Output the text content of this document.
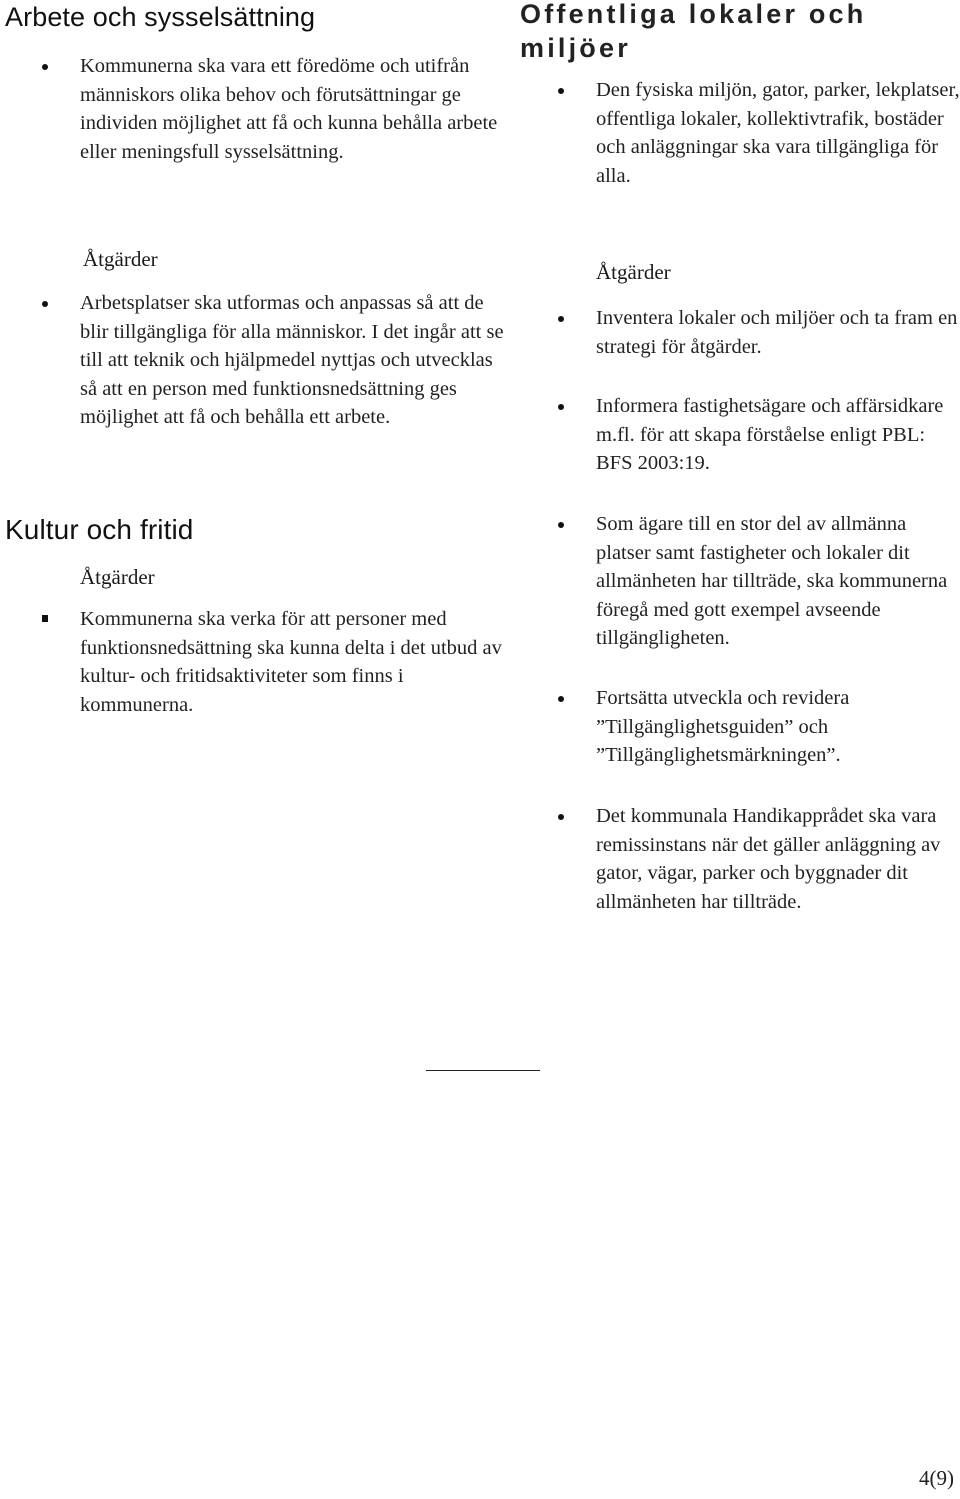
Arbete och sysselsättning
Kommunerna ska vara ett föredöme och utifrån människors olika behov och förutsättningar ge individen möjlighet att få och kunna behålla arbete eller meningsfull sysselsättning.

Åtgärder

Arbetsplatser ska utformas och anpassas så att de blir tillgängliga för alla människor. I det ingår att se till att teknik och hjälpmedel nyttjas och utvecklas så att en person med funktionsnedsättning ges möjlighet att få och behålla ett arbete.
Kultur och fritid

Åtgärder

Kommunerna ska verka för att personer med funktionsnedsättning ska kunna delta i det utbud av kultur- och fritidsaktiviteter som finns i kommunerna.
Offentliga lokaler och miljöer
Den fysiska miljön, gator, parker, lekplatser, offentliga lokaler, kollektivtrafik, bostäder och anläggningar ska vara tillgängliga för alla.

Åtgärder

Inventera lokaler och miljöer och ta fram en strategi för åtgärder.
Informera fastighetsägare och affärsidkare m.fl. för att skapa förståelse enligt PBL: BFS 2003:19.
Som ägare till en stor del av allmänna platser samt fastigheter och lokaler dit allmänheten har tillträde, ska kommunerna föregå med gott exempel avseende tillgängligheten.
Fortsätta utveckla och revidera ”Tillgänglighetsguiden” och ”Tillgänglighetsmärkningen”.
Det kommunala Handikapprådet ska vara remissinstans när det gäller anläggning av gator, vägar, parker och byggnader dit allmänheten har tillträde.
4(9)
